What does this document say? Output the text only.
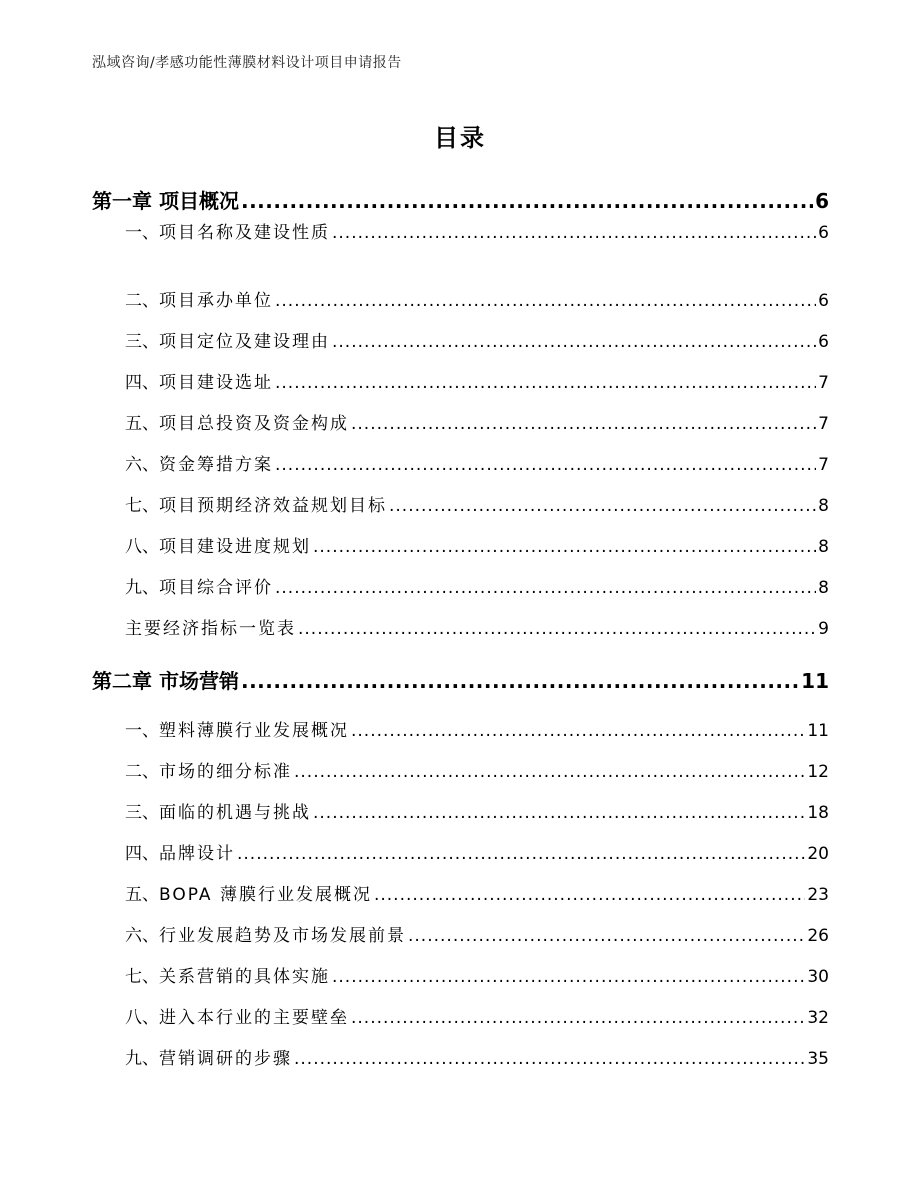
泓域咨询/孝感功能性薄膜材料设计项目申请报告
目录
第一章 项目概况 .....	6
一、 项目名称及建设性质 .....	6
二、 项目承办单位 .....	6
三、 项目定位及建设理由 .....	6
四、 项目建设选址 .....	7
五、 项目总投资及资金构成 .....	7
六、 资金筹措方案 .....	7
七、 项目预期经济效益规划目标 .....	8
八、 项目建设进度规划 .....	8
九、 项目综合评价 .....	8
主要经济指标一览表 .....	9
第二章 市场营销 .....	11
一、 塑料薄膜行业发展概况 .....	11
二、 市场的细分标准 .....	12
三、 面临的机遇与挑战 .....	18
四、 品牌设计 .....	20
五、 BOPA 薄膜行业发展概况 .....	23
六、 行业发展趋势及市场发展前景 .....	26
七、 关系营销的具体实施 .....	30
八、 进入本行业的主要壁垒 .....	32
九、 营销调研的步骤 .....	35
